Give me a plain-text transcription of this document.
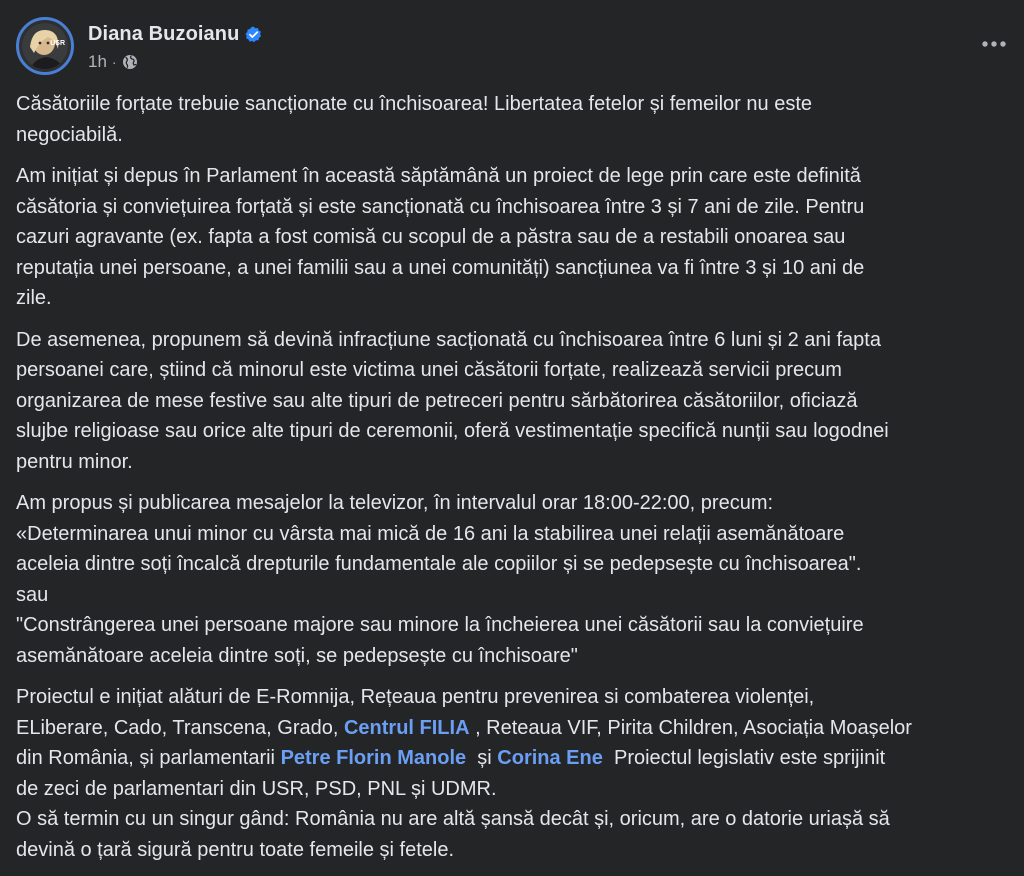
USR Diana Buzoianu
1h ·

Căsătoriile forțate trebuie sancționate cu închisoarea! Libertatea fetelor și femeilor nu este
negociabilă.

Am inițiat și depus în Parlament în această săptămână un proiect de lege prin care este definită
căsătoria și conviețuirea forțată și este sancționată cu închisoarea între 3 și 7 ani de zile. Pentru
cazuri agravante (ex. fapta a fost comisă cu scopul de a păstra sau de a restabili onoarea sau
reputația unei persoane, a unei familii sau a unei comunități) sancțiunea va fi între 3 și 10 ani de
zile.

De asemenea, propunem să devină infracțiune sacționată cu închisoarea între 6 luni și 2 ani fapta
persoanei care, știind că minorul este victima unei căsătorii forțate, realizează servicii precum
organizarea de mese festive sau alte tipuri de petreceri pentru sărbătorirea căsătoriilor, oficiază
slujbe religioase sau orice alte tipuri de ceremonii, oferă vestimentație specifică nunții sau logodnei
pentru minor.

Am propus și publicarea mesajelor la televizor, în intervalul orar 18:00-22:00, precum:
«Determinarea unui minor cu vârsta mai mică de 16 ani la stabilirea unei relații asemănătoare
aceleia dintre soți încalcă drepturile fundamentale ale copiilor și se pedepsește cu închisoarea".
sau
"Constrângerea unei persoane majore sau minore la încheierea unei căsătorii sau la conviețuire
asemănătoare aceleia dintre soți, se pedepsește cu închisoare"

Proiectul e inițiat alături de E-Romnija, Rețeaua pentru prevenirea si combaterea violenței,
ELiberare, Cado, Transcena, Grado, Centrul FILIA , Reteaua VIF, Pirita Children, Asociația Moașelor
din România, și parlamentarii Petre Florin Manole  și Corina Ene  Proiectul legislativ este sprijinit
de zeci de parlamentari din USR, PSD, PNL și UDMR.
O să termin cu un singur gând: România nu are altă șansă decât și, oricum, are o datorie uriașă să
devină o țară sigură pentru toate femeile și fetele.
